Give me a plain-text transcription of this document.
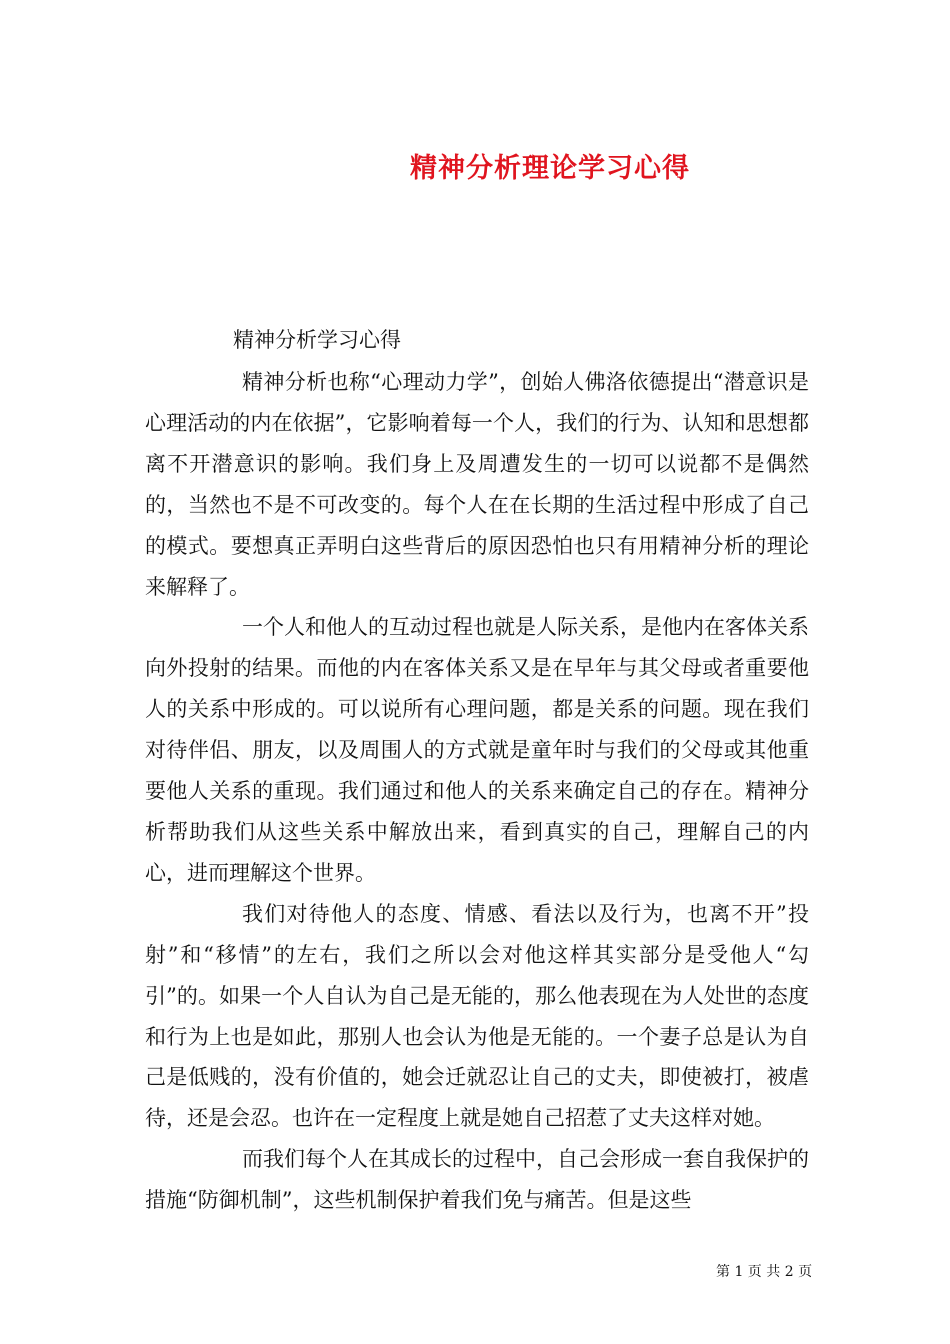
精神分析理论学习心得
精神分析学习心得

精神分析也称“心理动力学”，创始人佛洛依德提出“潜意识是心理活动的内在依据”，它影响着每一个人，我们的行为、认知和思想都离不开潜意识的影响。我们身上及周遭发生的一切可以说都不是偶然的，当然也不是不可改变的。每个人在在长期的生活过程中形成了自己的模式。要想真正弄明白这些背后的原因恐怕也只有用精神分析的理论来解释了。

一个人和他人的互动过程也就是人际关系，是他内在客体关系向外投射的结果。而他的内在客体关系又是在早年与其父母或者重要他人的关系中形成的。可以说所有心理问题，都是关系的问题。现在我们对待伴侣、朋友，以及周围人的方式就是童年时与我们的父母或其他重要他人关系的重现。我们通过和他人的关系来确定自己的存在。精神分析帮助我们从这些关系中解放出来，看到真实的自己，理解自己的内心，进而理解这个世界。

我们对待他人的态度、情感、看法以及行为，也离不开”投射”和“移情”的左右，我们之所以会对他这样其实部分是受他人“勾引”的。如果一个人自认为自己是无能的，那么他表现在为人处世的态度和行为上也是如此，那别人也会认为他是无能的。一个妻子总是认为自己是低贱的，没有价值的，她会迁就忍让自己的丈夫，即使被打，被虐待，还是会忍。也许在一定程度上就是她自己招惹了丈夫这样对她。

而我们每个人在其成长的过程中，自己会形成一套自我保护的措施“防御机制”，这些机制保护着我们免与痛苦。但是这些

第 1 页 共 2 页
